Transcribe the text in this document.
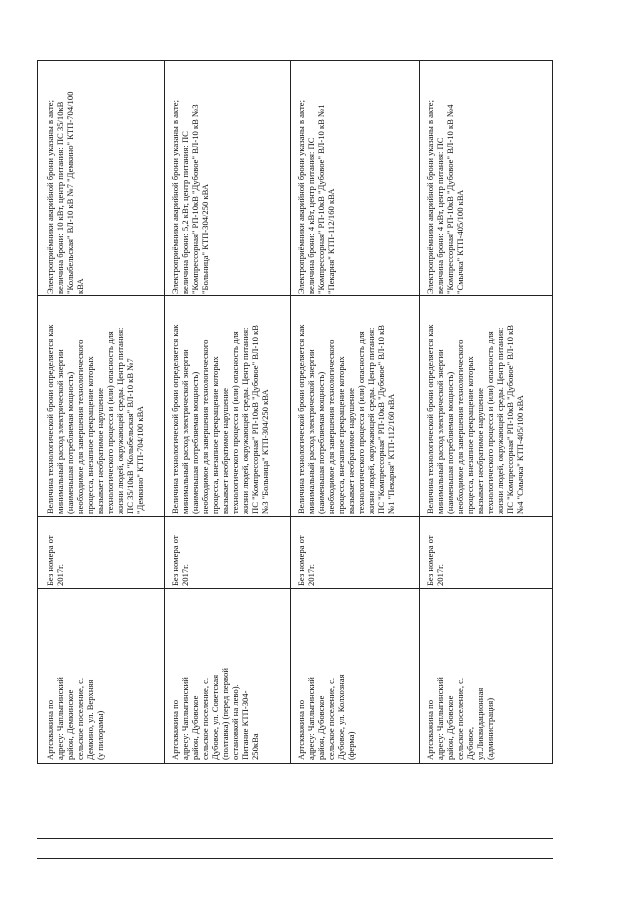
Электроприёмники аварийной брони указаны в акте;
величина брони: 10 кВт, центр питания: ПС 35/10кВ
"Колыбельская" ВЛ-10 кВ №7 "Демкино" КТП-704/100
кВА
Величина технологической брони определяется как
минимальный расход электрической энергии
(наименьшая потребляемая мощность)
необходимое для завершения технологического
процесса, внезапное прекращение которых
вызывает необратимое нарушение
технологического процесса и (или) опасность для
жизни людей, окружающей среды. Центр питания:
ПС 35/10кВ "Колыбельская" ВЛ-10 кВ №7
"Демкино" КТП-704/100 кВА
Без номера от
2017г.
Артскважина по
адресу: Чаплыгинский
район, Демкинское
сельское поселение, с.
Демкино, ул. Верхняя
(у пилорамы)
Электроприёмники аварийной брони указаны в акте;
величина брони: 5,2 кВт, центр питания: ПС
"Компрессорная" РП-10кВ "Дубовое" ВЛ-10 кВ №3
"Больница" КТП-304/250 кВА
Величина технологической брони определяется как
минимальный расход электрической энергии
(наименьшая потребляемая мощность)
необходимое для завершения технологического
процесса, внезапное прекращение которых
вызывает необратимое нарушение
технологического процесса и (или) опасность для
жизни людей, окружающей среды. Центр питания:
ПС "Компрессорная" РП-10кВ "Дубовое" ВЛ-10 кВ
№3 "Больница" КТП-304/250 кВА
Без номера от
2017г.
Артскважина по
адресу: Чаплыгинский
район, Дубовское
сельское поселение, с.
Дубовое, ул. Советская
(полтавка) (перед первой
остановкой на лево).
Питание КТП-304-
250кВа
Электроприёмники аварийной брони указаны в акте;
величина брони: 4 кВт, центр питания: ПС
"Компрессорная" РП-10кВ "Дубовое" ВЛ-10 кВ №1
"Пекарня" КТП-112/160 кВА
Величина технологической брони определяется как
минимальный расход электрической энергии
(наименьшая потребляемая мощность)
необходимое для завершения технологического
процесса, внезапное прекращение которых
вызывает необратимое нарушение
технологического процесса и (или) опасность для
жизни людей, окружающей среды. Центр питания:
ПС "Компрессорная" РП-10кВ "Дубовое" ВЛ-10 кВ
№1 "Пекарня" КТП-112/160 кВА
Без номера от
2017г.
Артскважина по
адресу: Чаплыгинский
район, Дубовское
сельское поселение, с.
Дубовое, ул. Колхозная
(ферма)
Электроприёмники аварийной брони указаны в акте;
величина брони: 4 кВт, центр питания: ПС
"Компрессорная" РП-10кВ "Дубовое" ВЛ-10 кВ №4
"Смычка" КТП-405/100 кВА
Величина технологической брони определяется как
минимальный расход электрической энергии
(наименьшая потребляемая мощность)
необходимое для завершения технологического
процесса, внезапное прекращение которых
вызывает необратимое нарушение
технологического процесса и (или) опасность для
жизни людей, окружающей среды. Центр питания:
ПС "Компрессорная" РП-10кВ "Дубовое" ВЛ-10 кВ
№4 "Смычка" КТП-405/100 кВА
Без номера от
2017г.
Артскважина по
адресу: Чаплыгинский
район, Дубовское
сельское поселение, с.
Дубовое,
ул.Ликвидационная
(администрация)
